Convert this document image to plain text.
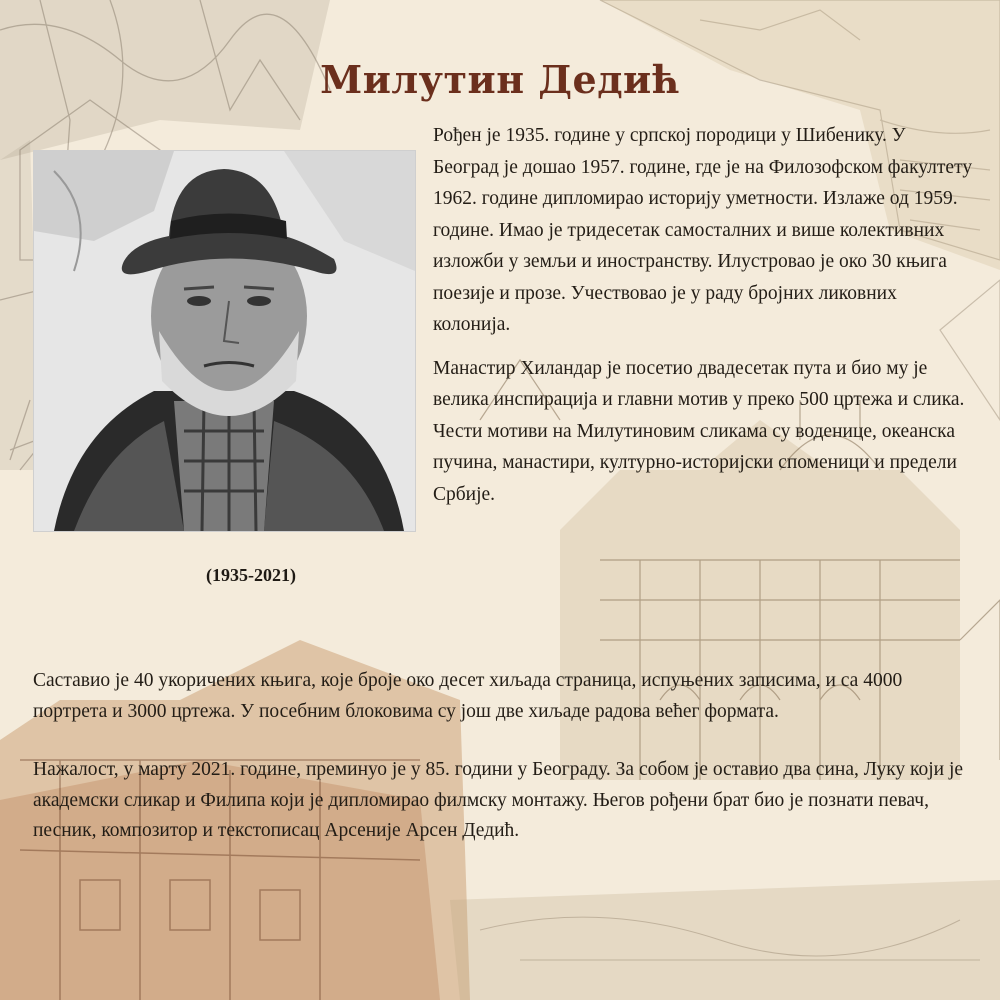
Милутин Дедић
(1935-2021)

Рођен је 1935. године у српској породици у Шибенику. У Београд је дошао 1957. године, где је на Филозофском факултету 1962. године дипломирао историју уметности. Излаже од 1959. године. Имао је тридесетак самосталних и више колективних изложби у земљи и иностранству. Илустровао је око 30 књига поезије и прозе. Учествовао је у раду бројних ликовних колонија.

Манастир Хиландар је посетио двадесетак пута и био му је велика инспирација и главни мотив у преко 500 цртежа и слика.

Чести мотиви на Милутиновим сликама су воденице, океанска пучина, манастири, културно-историјски споменици и предели Србије.

Саставио је 40 укоричених књига, које броје око десет хиљада страница, испуњених записима, и са 4000 портрета и 3000 цртежа. У посебним блоковима су још две хиљаде радова већег формата.

Нажалост, у марту 2021. године, преминуо је у 85. години у Београду. За собом је оставио два сина, Луку који је академски сликар и Филипа који је дипломирао филмску монтажу. Његов рођени брат био је познати певач, песник, композитор и текстописац Арсеније Арсен Дедић.
